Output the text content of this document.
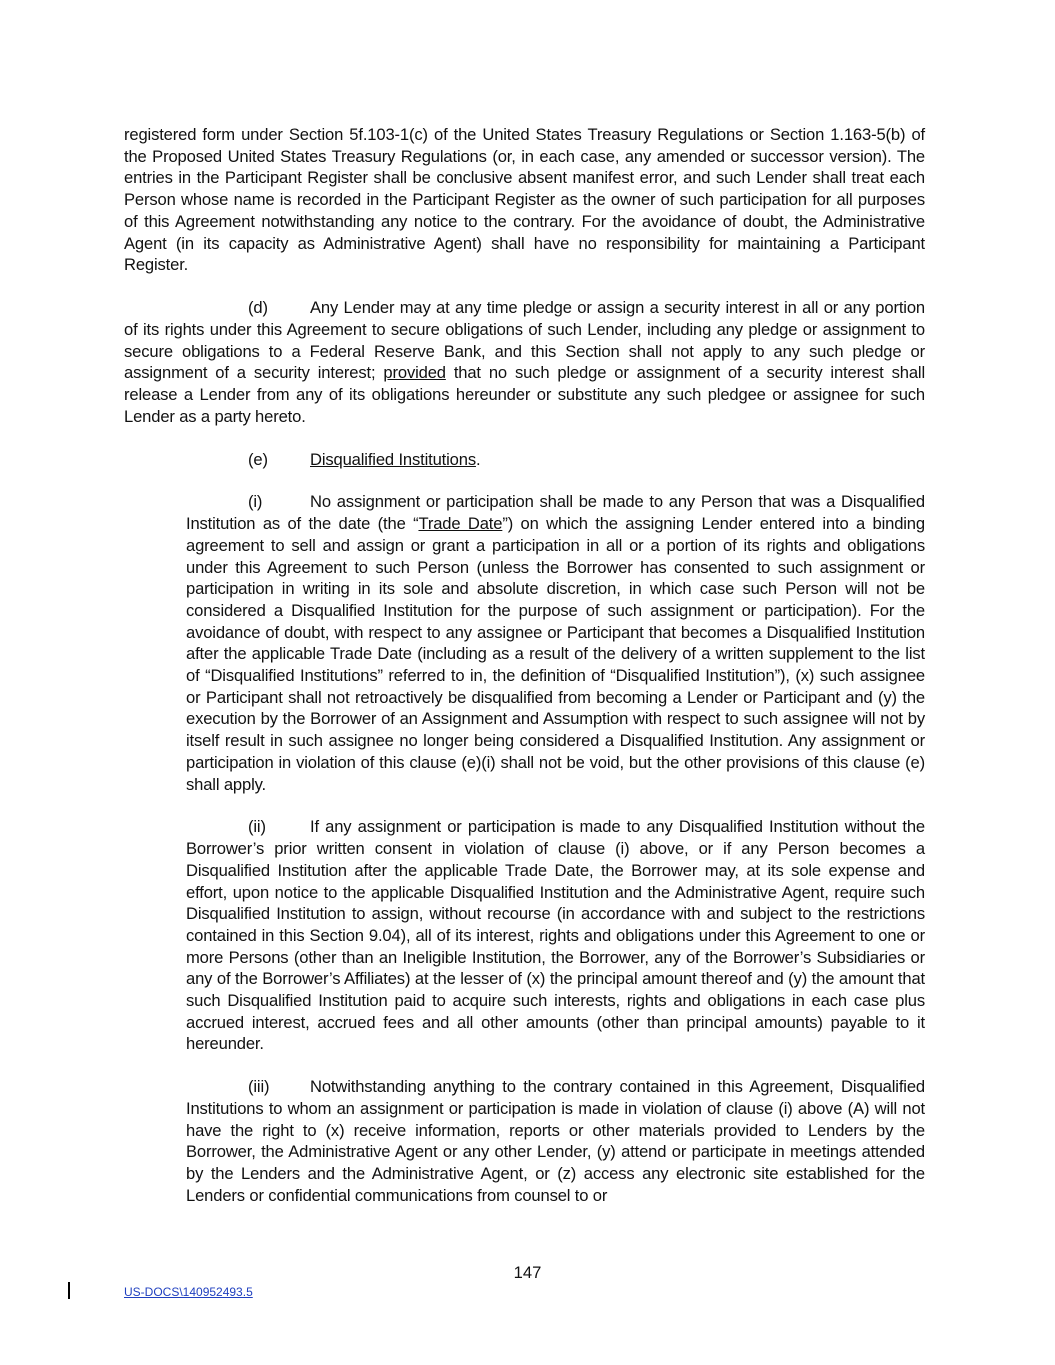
registered form under Section 5f.103-1(c) of the United States Treasury Regulations or Section 1.163-5(b) of the Proposed United States Treasury Regulations (or, in each case, any amended or successor version). The entries in the Participant Register shall be conclusive absent manifest error, and such Lender shall treat each Person whose name is recorded in the Participant Register as the owner of such participation for all purposes of this Agreement notwithstanding any notice to the contrary. For the avoidance of doubt, the Administrative Agent (in its capacity as Administrative Agent) shall have no responsibility for maintaining a Participant Register.

(d)	Any Lender may at any time pledge or assign a security interest in all or any portion of its rights under this Agreement to secure obligations of such Lender, including any pledge or assignment to secure obligations to a Federal Reserve Bank, and this Section shall not apply to any such pledge or assignment of a security interest; provided that no such pledge or assignment of a security interest shall release a Lender from any of its obligations hereunder or substitute any such pledgee or assignee for such Lender as a party hereto.

(e)	Disqualified Institutions.

(i)	No assignment or participation shall be made to any Person that was a Disqualified Institution as of the date (the “Trade Date”) on which the assigning Lender entered into a binding agreement to sell and assign or grant a participation in all or a portion of its rights and obligations under this Agreement to such Person (unless the Borrower has consented to such assignment or participation in writing in its sole and absolute discretion, in which case such Person will not be considered a Disqualified Institution for the purpose of such assignment or participation). For the avoidance of doubt, with respect to any assignee or Participant that becomes a Disqualified Institution after the applicable Trade Date (including as a result of the delivery of a written supplement to the list of “Disqualified Institutions” referred to in, the definition of “Disqualified Institution”), (x) such assignee or Participant shall not retroactively be disqualified from becoming a Lender or Participant and (y) the execution by the Borrower of an Assignment and Assumption with respect to such assignee will not by itself result in such assignee no longer being considered a Disqualified Institution. Any assignment or participation in violation of this clause (e)(i) shall not be void, but the other provisions of this clause (e) shall apply.

(ii)	If any assignment or participation is made to any Disqualified Institution without the Borrower’s prior written consent in violation of clause (i) above, or if any Person becomes a Disqualified Institution after the applicable Trade Date, the Borrower may, at its sole expense and effort, upon notice to the applicable Disqualified Institution and the Administrative Agent, require such Disqualified Institution to assign, without recourse (in accordance with and subject to the restrictions contained in this Section 9.04), all of its interest, rights and obligations under this Agreement to one or more Persons (other than an Ineligible Institution, the Borrower, any of the Borrower’s Subsidiaries or any of the Borrower’s Affiliates) at the lesser of (x) the principal amount thereof and (y) the amount that such Disqualified Institution paid to acquire such interests, rights and obligations in each case plus accrued interest, accrued fees and all other amounts (other than principal amounts) payable to it hereunder.

(iii) Notwithstanding anything to the contrary contained in this Agreement, Disqualified Institutions to whom an assignment or participation is made in violation of clause (i) above (A) will not have the right to (x) receive information, reports or other materials provided to Lenders by the Borrower, the Administrative Agent or any other Lender, (y) attend or participate in meetings attended by the Lenders and the Administrative Agent, or (z) access any electronic site established for the Lenders or confidential communications from counsel to or

147
US-DOCS\140952493.5
